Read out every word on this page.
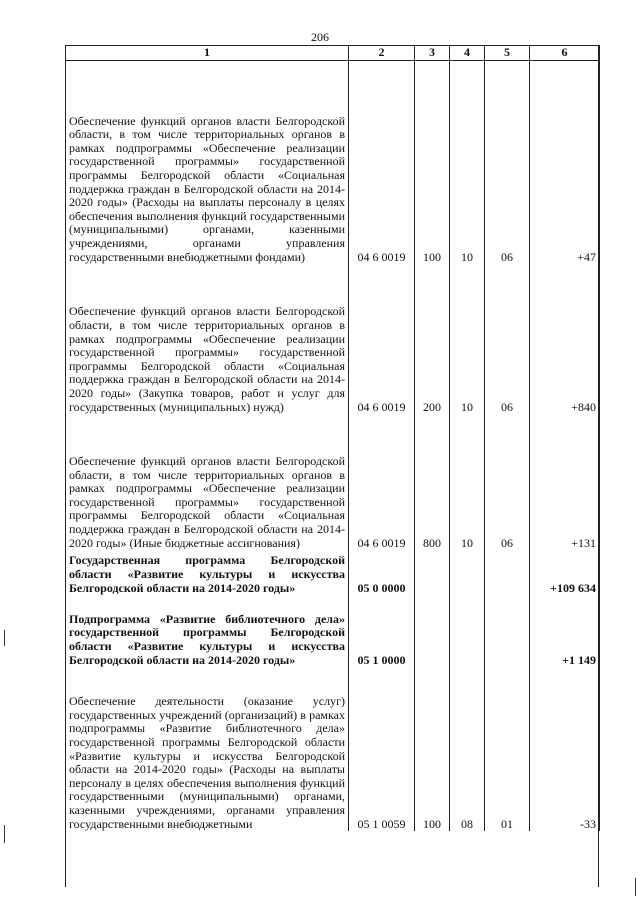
206
1	2	3	4	5	6
Обеспечение функций органов власти Белгородской области, в том числе территориальных органов в рамках подпрограммы «Обеспечение реализации государственной программы» государственной программы Белгородской области «Социальная поддержка граждан в Белгородской области на 2014-2020 годы» (Расходы на выплаты персоналу в целях обеспечения выполнения функций государственными (муниципальными) органами, казенными учреждениями, органами управления государственными внебюджетными фондами)	04 6 0019	100	10	06	+47
Обеспечение функций органов власти Белгородской области, в том числе территориальных органов в рамках подпрограммы «Обеспечение реализации государственной программы» государственной программы Белгородской области «Социальная поддержка граждан в Белгородской области на 2014-2020 годы» (Закупка товаров, работ и услуг для государственных (муниципальных) нужд)	04 6 0019	200	10	06	+840
Обеспечение функций органов власти Белгородской области, в том числе территориальных органов в рамках подпрограммы «Обеспечение реализации государственной программы» государственной программы Белгородской области «Социальная поддержка граждан в Белгородской области на 2014-2020 годы» (Иные бюджетные ассигнования)	04 6 0019	800	10	06	+131
Государственная программа Белгородской области «Развитие культуры и искусства Белгородской области на 2014-2020 годы»	05 0 0000				+109 634
Подпрограмма «Развитие библиотечного дела» государственной программы Белгородской области «Развитие культуры и искусства Белгородской области на 2014-2020 годы»	05 1 0000				+1 149
Обеспечение деятельности (оказание услуг) государственных учреждений (организаций) в рамках подпрограммы «Развитие библиотечного дела» государственной программы Белгородской области «Развитие культуры и искусства Белгородской области на 2014-2020 годы» (Расходы на выплаты персоналу в целях обеспечения выполнения функций государственными (муниципальными) органами, казенными учреждениями, органами управления государственными внебюджетными	05 1 0059	100	08	01	-33
